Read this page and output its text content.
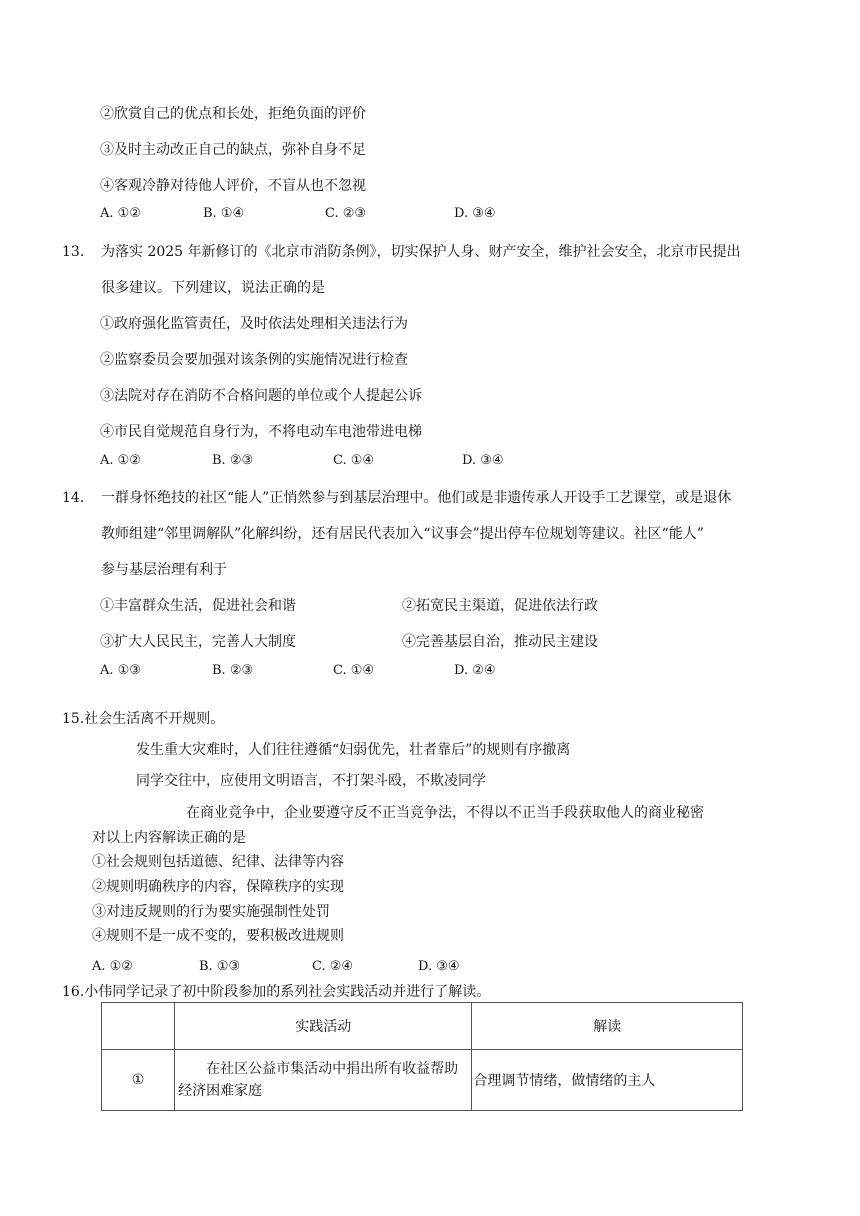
②欣赏自己的优点和长处，拒绝负面的评价
③及时主动改正自己的缺点，弥补自身不足
④客观冷静对待他人评价，不盲从也不忽视
A. ①②	B. ①④	C. ②③	D. ③④
13. 为落实 2025 年新修订的《北京市消防条例》，切实保护人身、财产安全，维护社会安全，北京市民提出
很多建议。下列建议，说法正确的是
①政府强化监管责任，及时依法处理相关违法行为
②监察委员会要加强对该条例的实施情况进行检查
③法院对存在消防不合格问题的单位或个人提起公诉
④市民自觉规范自身行为，不将电动车电池带进电梯
A. ①②	B. ②③	C. ①④	D. ③④
14. 一群身怀绝技的社区“能人”正悄然参与到基层治理中。他们或是非遗传承人开设手工艺课堂，或是退休
教师组建“邻里调解队”化解纠纷，还有居民代表加入“议事会”提出停车位规划等建议。社区“能人”
参与基层治理有利于
①丰富群众生活，促进社会和谐	②拓宽民主渠道，促进依法行政
③扩大人民民主，完善人大制度	④完善基层自治，推动民主建设
A. ①③	B. ②③	C. ①④	D. ②④
15.社会生活离不开规则。
发生重大灾难时，人们往往遵循“妇弱优先，壮者靠后”的规则有序撤离
同学交往中，应使用文明语言，不打架斗殴，不欺凌同学
在商业竞争中，企业要遵守反不正当竞争法，不得以不正当手段获取他人的商业秘密
对以上内容解读正确的是
①社会规则包括道德、纪律、法律等内容
②规则明确秩序的内容，保障秩序的实现
③对违反规则的行为要实施强制性处罚
④规则不是一成不变的，要积极改进规则
A. ①②	B. ①③	C. ②④	D. ③④
16.小伟同学记录了初中阶段参加的系列社会实践活动并进行了解读。
	实践活动	解读
①	在社区公益市集活动中捐出所有收益帮助经济困难家庭	合理调节情绪，做情绪的主人
